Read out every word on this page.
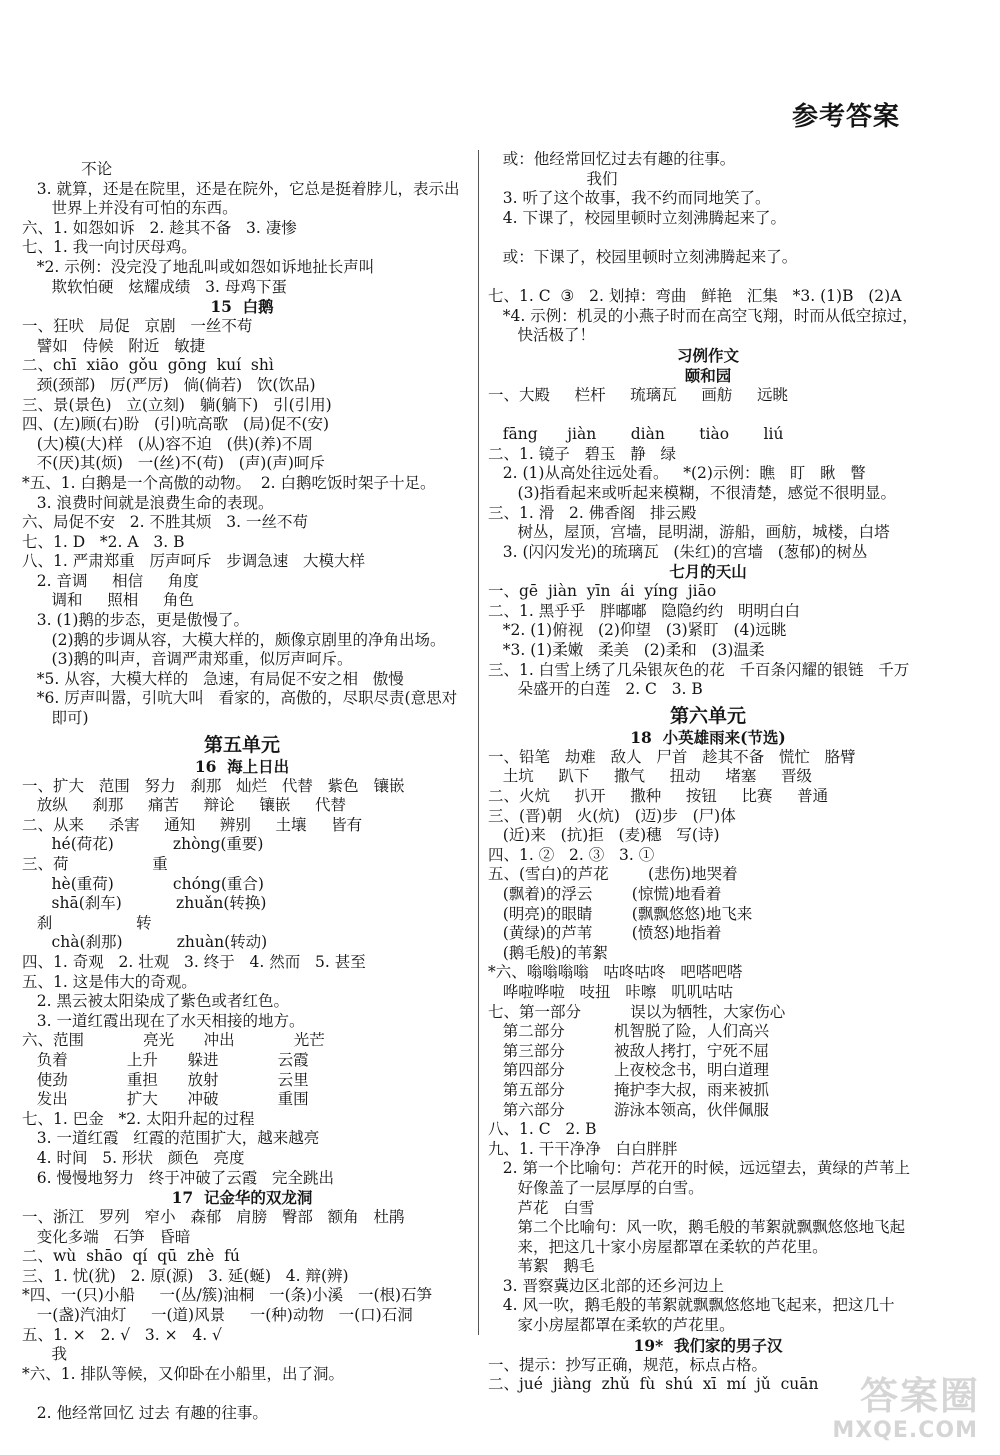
参考答案
不论
3. 就算，还是在院里，还是在院外，它总是挺着脖儿，表示出
世界上并没有可怕的东西。
六、1. 如怨如诉   2. 趁其不备   3. 凄惨
七、1. 我一向讨厌母鸡。
*2. 示例：没完没了地乱叫或如怨如诉地扯长声叫
欺软怕硬   炫耀成绩   3. 母鸡下蛋
15  白鹅
一、狂吠   局促   京剧   一丝不苟
譬如   侍候   附近   敏捷
二、chī  xiāo  gǒu  gōng  kuí  shì
颈(颈部)   厉(严厉)   倘(倘若)   饮(饮品)
三、景(景色)   立(立刻)   躺(躺下)   引(引用)
四、(左)顾(右)盼   (引)吭高歌   (局)促不(安)
(大)模(大)样   (从)容不迫   (供)(养)不周
不(厌)其(烦)   一(丝)不(苟)   (声)(声)呵斥
*五、1. 白鹅是一个高傲的动物。  2. 白鹅吃饭时架子十足。
3. 浪费时间就是浪费生命的表现。
六、局促不安   2. 不胜其烦   3. 一丝不苟
七、1. D   *2. A   3. B
八、1. 严肃郑重   厉声呵斥   步调急速   大模大样
2. 音调     相信     角度
调和     照相     角色
3. (1)鹅的步态，更是傲慢了。
(2)鹅的步调从容，大模大样的，颇像京剧里的净角出场。
(3)鹅的叫声，音调严肃郑重，似厉声呵斥。
*5. 从容，大模大样的   急速，有局促不安之相   傲慢
*6. 厉声叫嚣，引吭大叫   看家的，高傲的，尽职尽责(意思对
即可)
第五单元
16  海上日出
一、扩大   范围   努力   刹那   灿烂   代替   紫色   镶嵌
放纵     刹那     痛苦     辩论     镶嵌     代替
二、从来     杀害     通知     辨别     土壤     皆有
hé(荷花)            zhòng(重要)
三、荷                 重
hè(重荷)            chóng(重合)
shā(刹车)           zhuǎn(转换)
刹                 转
chà(刹那)           zhuàn(转动)
四、1. 奇观   2. 壮观   3. 终于   4. 然而   5. 甚至
五、1. 这是伟大的奇观。
2. 黑云被太阳染成了紫色或者红色。
3. 一道红霞出现在了水天相接的地方。
六、范围            亮光      冲出            光芒
负着            上升      躲进            云霞
使劲            重担      放射            云里
发出            扩大      冲破            重围
七、1. 巴金   *2. 太阳升起的过程
3. 一道红霞   红霞的范围扩大，越来越亮
4. 时间   5. 形状   颜色   亮度
6. 慢慢地努力   终于冲破了云霞   完全跳出
17  记金华的双龙洞
一、浙江   罗列   窄小   森郁   肩膀   臀部   额角   杜鹃
变化多端   石笋   昏暗
二、wù  shāo  qí  qū  zhè  fú
三、1. 忧(犹)   2. 原(源)   3. 延(蜒)   4. 辩(辨)
*四、一(只)小船     一(丛/簇)油桐   一(条)小溪   一(根)石笋
一(盏)汽油灯     一(道)风景     一(种)动物   一(口)石洞
五、1. ×   2. √   3. ×   4. √
我
*六、1. 排队等候，又仰卧在小船里，出了洞。
2. 他经常回忆 过去 有趣的往事。
或：他经常回忆过去有趣的往事。
我们
3. 听了这个故事，我不约而同地笑了。
4. 下课了，校园里顿时立刻沸腾起来了。
或：下课了，校园里顿时立刻沸腾起来了。
七、1. C  ③   2. 划掉：弯曲   鲜艳   汇集   *3. (1)B   (2)A
*4. 示例：机灵的小燕子时而在高空飞翔，时而从低空掠过，
快活极了！
习例作文
颐和园
一、大殿     栏杆     琉璃瓦     画舫     远眺
fāng      jiàn       diàn       tiào       liú
二、1. 镜子   碧玉   静   绿
2. (1)从高处往远处看。   *(2)示例：瞧   盯   瞅   瞥
(3)指看起来或听起来模糊，不很清楚，感觉不很明显。
三、1. 滑   2. 佛香阁   排云殿
树丛，屋顶，宫墙，昆明湖，游船，画舫，城楼，白塔
3. (闪闪发光)的琉璃瓦   (朱红)的宫墙   (葱郁)的树丛
七月的天山
一、gē  jiàn  yīn  ái  yíng  jiāo
二、1. 黑乎乎   胖嘟嘟   隐隐约约   明明白白
*2. (1)俯视   (2)仰望   (3)紧盯   (4)远眺
*3. (1)柔嫩   柔美   (2)柔和   (3)温柔
三、1. 白雪上绣了几朵银灰色的花   千百条闪耀的银链   千万
朵盛开的白莲   2. C   3. B
第六单元
18  小英雄雨来(节选)
一、铅笔   劫难   敌人   尸首   趁其不备   慌忙   胳臂
土坑     趴下     撒气     扭动     堵塞     晋级
二、火炕     扒开     撒种     按钮     比赛     普通
三、(晋)朝   火(炕)   (迈)步   (尸)体
(近)来   (抗)拒   (麦)穗   写(诗)
四、1. ②   2. ③   3. ①
五、(雪白)的芦花        (悲伤)地哭着
(飘着)的浮云        (惊慌)地看着
(明亮)的眼睛        (飘飘悠悠)地飞来
(黄绿)的芦苇        (愤怒)地指着
(鹅毛般)的苇絮
*六、嗡嗡嗡嗡   咕咚咕咚   吧嗒吧嗒
哗啦哗啦   吱扭   咔嚓   叽叽咕咕
七、第一部分          误以为牺牲，大家伤心
第二部分          机智脱了险，人们高兴
第三部分          被敌人拷打，宁死不屈
第四部分          上夜校念书，明白道理
第五部分          掩护李大叔，雨来被抓
第六部分          游泳本领高，伙伴佩服
八、1. C   2. B
九、1. 干干净净   白白胖胖
2. 第一个比喻句：芦花开的时候，远远望去，黄绿的芦苇上
好像盖了一层厚厚的白雪。
芦花   白雪
第二个比喻句：风一吹，鹅毛般的苇絮就飘飘悠悠地飞起
来，把这几十家小房屋都罩在柔软的芦花里。
苇絮   鹅毛
3. 晋察冀边区北部的还乡河边上
4. 风一吹，鹅毛般的苇絮就飘飘悠悠地飞起来，把这几十
家小房屋都罩在柔软的芦花里。
19*  我们家的男子汉
一、提示：抄写正确，规范，标点占格。
二、jué  jiàng  zhǔ  fù  shú  xī  mí  jǔ  cuān	答案圈
MXQE.COM
